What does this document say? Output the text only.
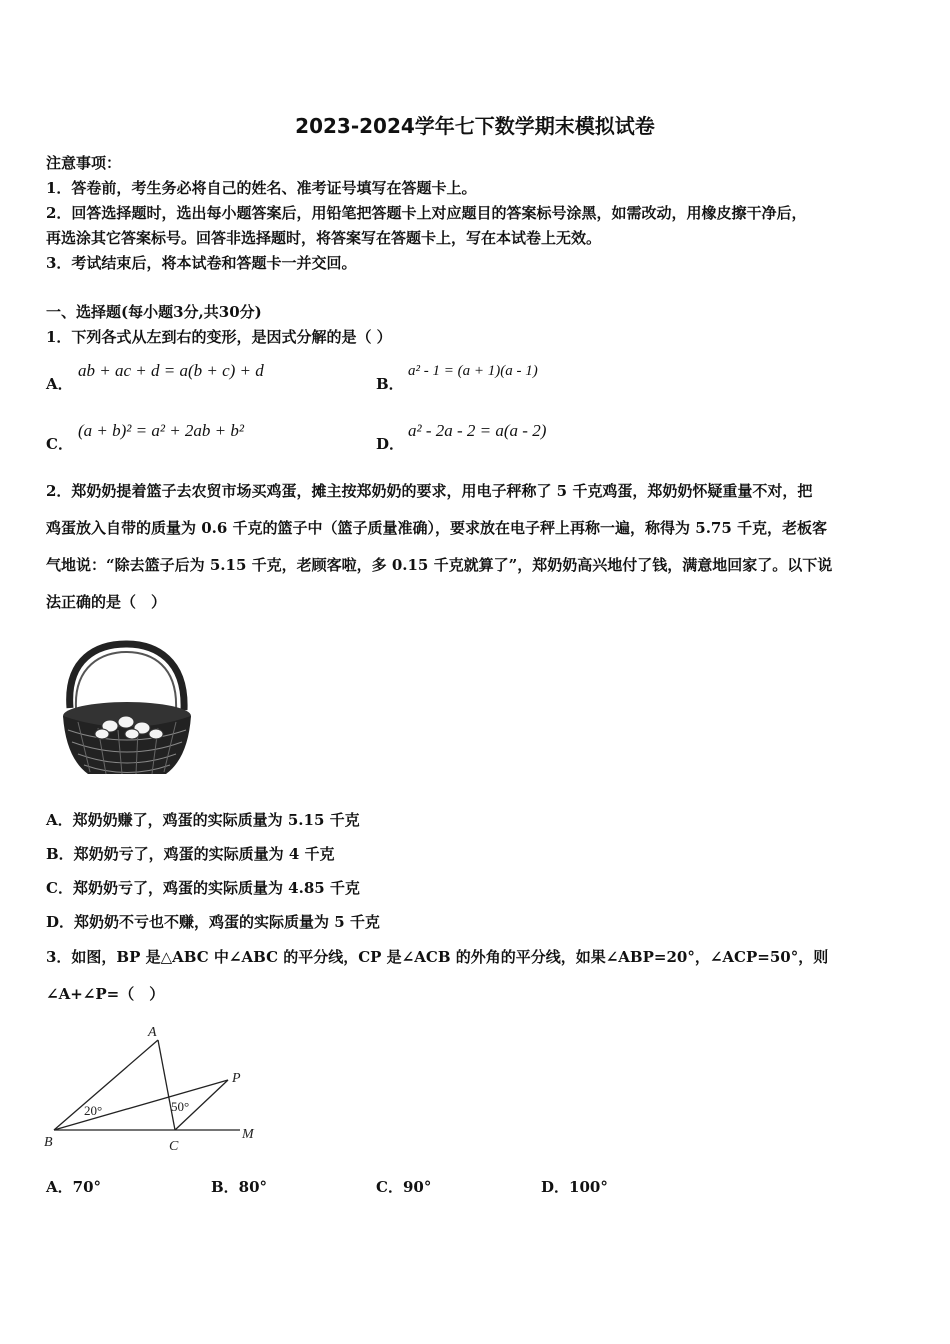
2023-2024学年七下数学期末模拟试卷
注意事项：
1．答卷前，考生务必将自己的姓名、准考证号填写在答题卡上。
2．回答选择题时，选出每小题答案后，用铅笔把答题卡上对应题目的答案标号涂黑，如需改动，用橡皮擦干净后，
再选涂其它答案标号。回答非选择题时，将答案写在答题卡上，写在本试卷上无效。
3．考试结束后，将本试卷和答题卡一并交回。
一、选择题(每小题3分,共30分)
1．下列各式从左到右的变形，是因式分解的是（ ）
A．
ab + ac + d = a(b + c) + d
B．
a² - 1 = (a + 1)(a - 1)
C．
(a + b)² = a² + 2ab + b²
D．
a² - 2a - 2 = a(a - 2)
2．郑奶奶提着篮子去农贸市场买鸡蛋，摊主按郑奶奶的要求，用电子秤称了 5 千克鸡蛋，郑奶奶怀疑重量不对，把
鸡蛋放入自带的质量为 0.6 千克的篮子中（篮子质量准确），要求放在电子秤上再称一遍，称得为 5.75 千克，老板客
气地说：“除去篮子后为 5.15 千克，老顾客啦，多 0.15 千克就算了”，郑奶奶高兴地付了钱，满意地回家了。以下说
法正确的是（　）
A．郑奶奶赚了，鸡蛋的实际质量为 5.15 千克
B．郑奶奶亏了，鸡蛋的实际质量为 4 千克
C．郑奶奶亏了，鸡蛋的实际质量为 4.85 千克
D．郑奶奶不亏也不赚，鸡蛋的实际质量为 5 千克
3．如图，BP 是△ABC 中∠ABC 的平分线，CP 是∠ACB 的外角的平分线，如果∠ABP=20°，∠ACP=50°，则
∠A+∠P=（　）
A
B	C
P
M
20°	50°
A．70°	B．80°	C．90°	D．100°
